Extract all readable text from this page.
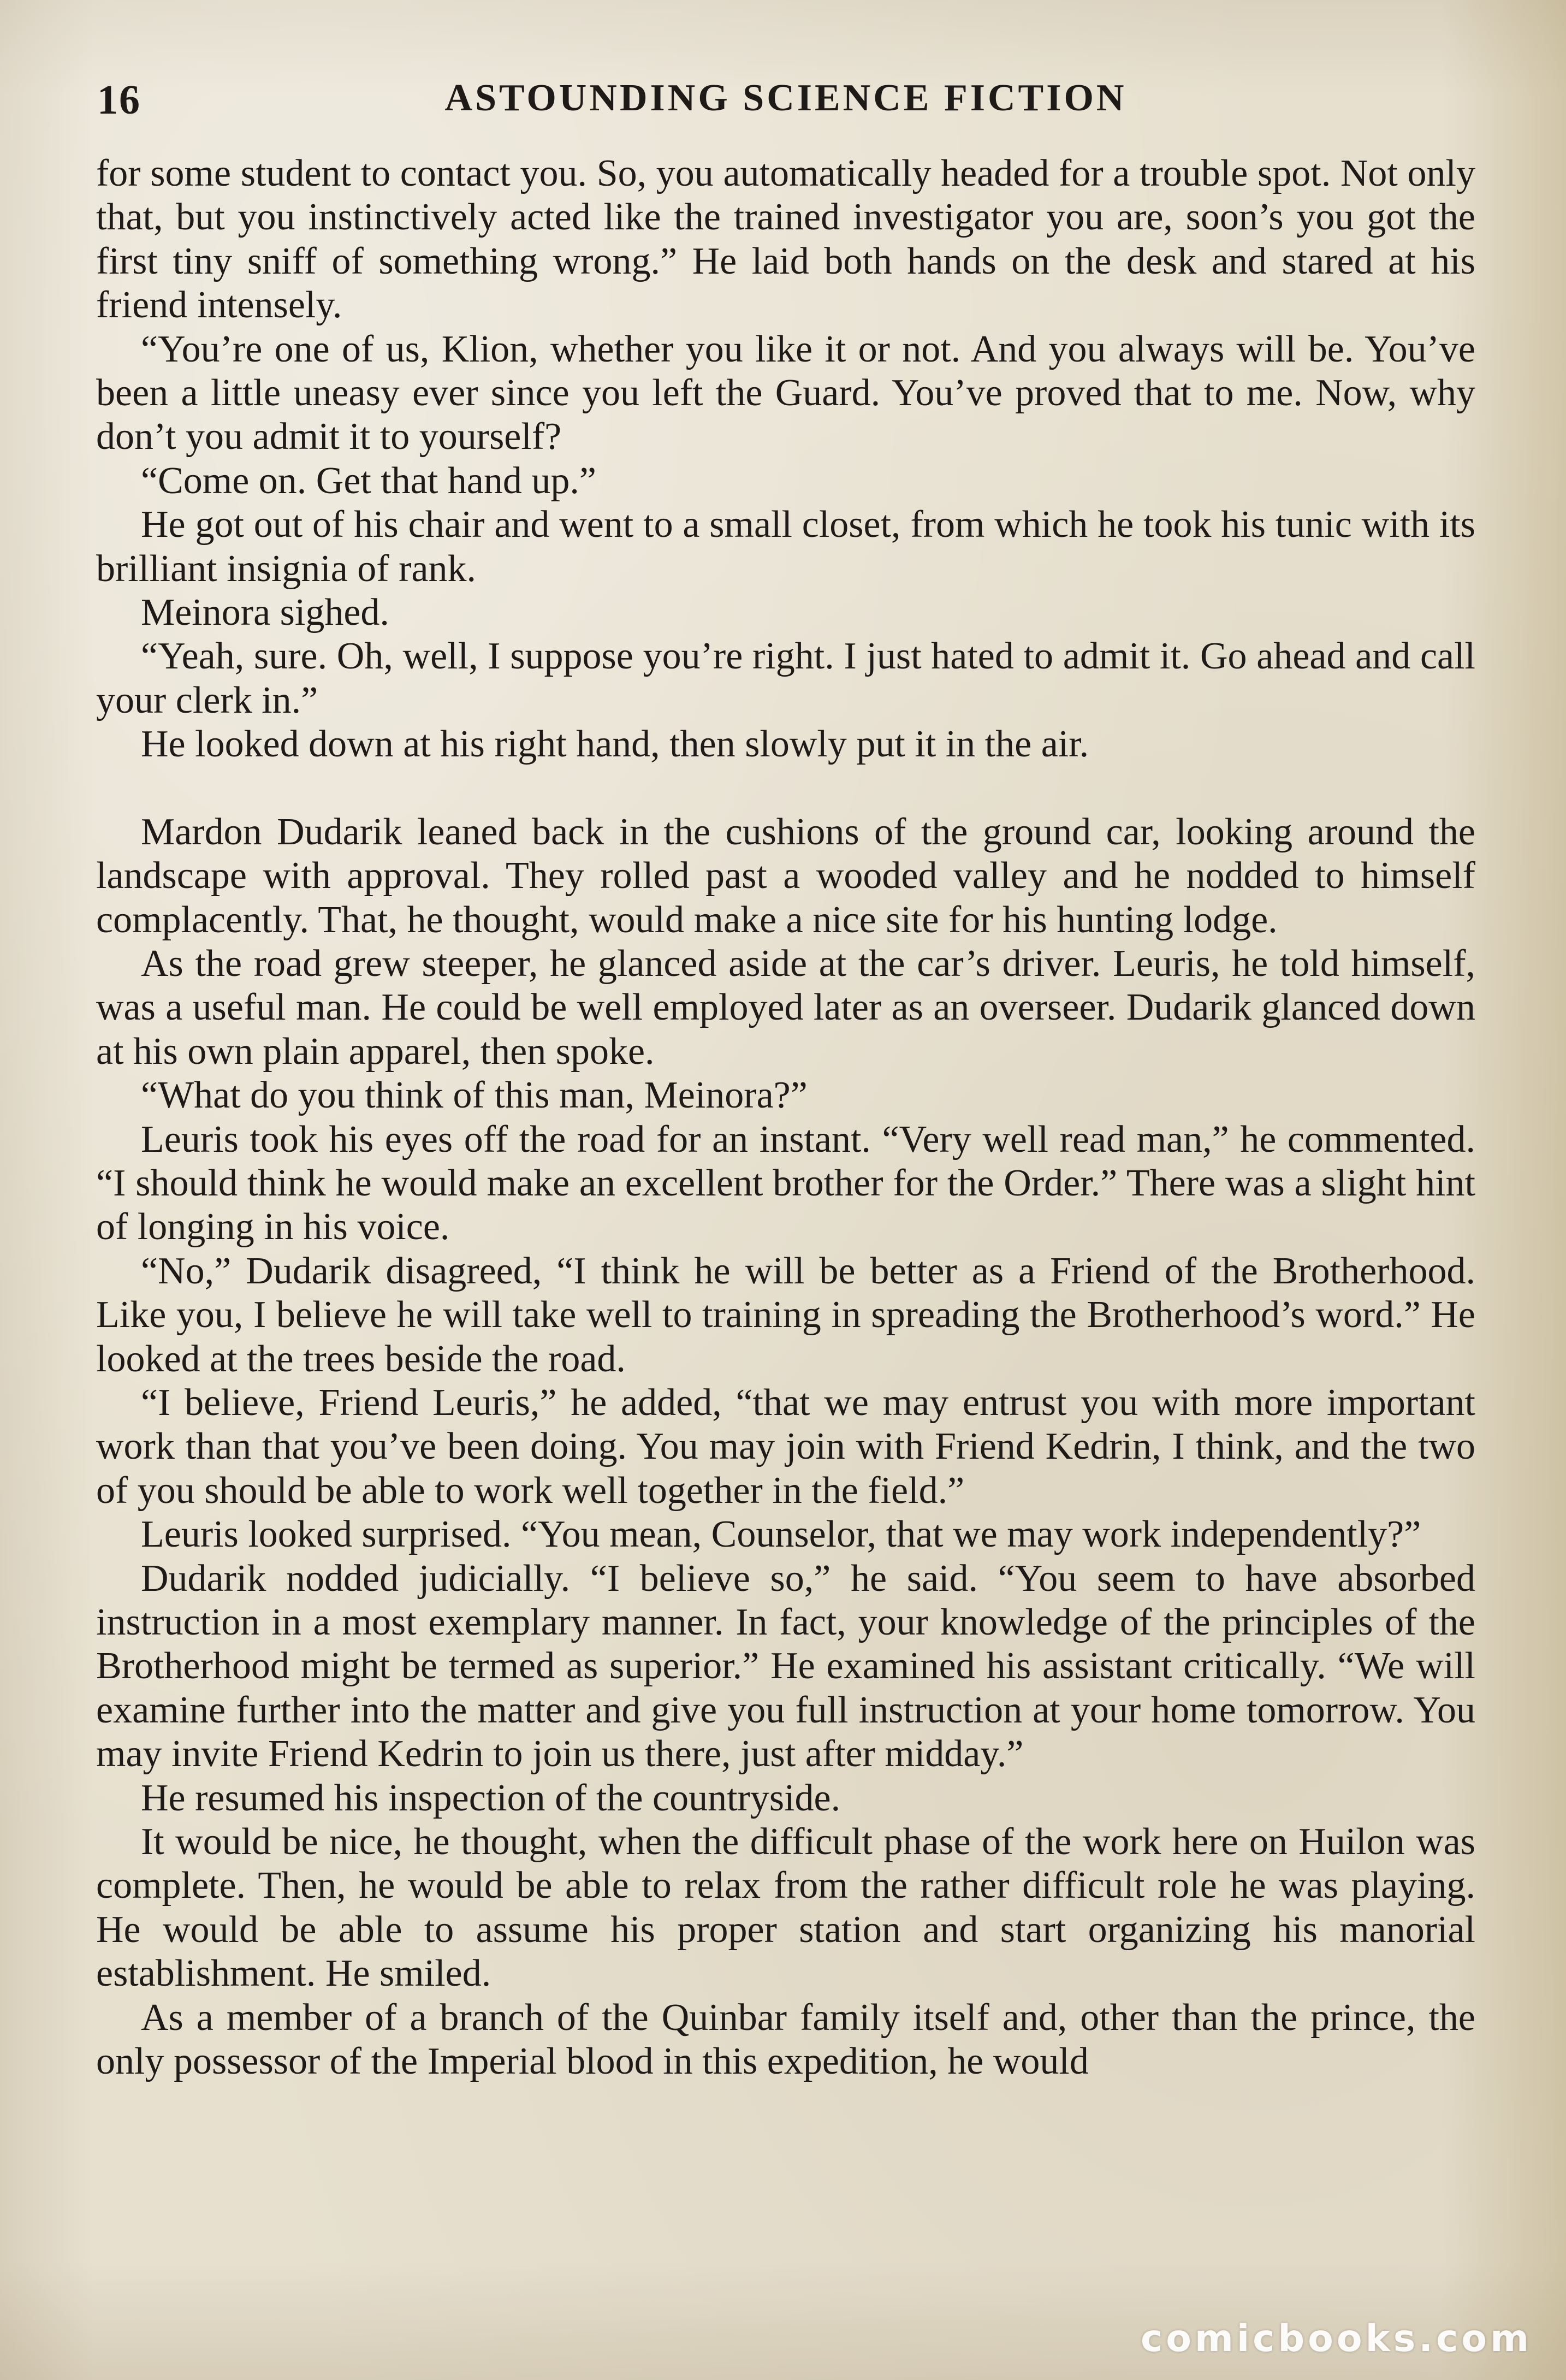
16	ASTOUNDING SCIENCE FICTION

for some student to contact you. So, you automatically headed for a trouble spot. Not only that, but you instinctively acted like the trained investigator you are, soon’s you got the first tiny sniff of something wrong.” He laid both hands on the desk and stared at his friend intensely.

“You’re one of us, Klion, whether you like it or not. And you always will be. You’ve been a little uneasy ever since you left the Guard. You’ve proved that to me. Now, why don’t you admit it to yourself?

“Come on. Get that hand up.”

He got out of his chair and went to a small closet, from which he took his tunic with its brilliant insignia of rank.

Meinora sighed.

“Yeah, sure. Oh, well, I suppose you’re right. I just hated to admit it. Go ahead and call your clerk in.”

He looked down at his right hand, then slowly put it in the air.

Mardon Dudarik leaned back in the cushions of the ground car, looking around the landscape with approval. They rolled past a wooded valley and he nodded to himself complacently. That, he thought, would make a nice site for his hunting lodge.

As the road grew steeper, he glanced aside at the car’s driver. Leuris, he told himself, was a useful man. He could be well employed later as an overseer. Dudarik glanced down at his own plain apparel, then spoke.

“What do you think of this man, Meinora?”

Leuris took his eyes off the road for an instant. “Very well read man,” he commented. “I should think he would make an excellent brother for the Order.” There was a slight hint of longing in his voice.

“No,” Dudarik disagreed, “I think he will be better as a Friend of the Brotherhood. Like you, I believe he will take well to training in spreading the Brotherhood’s word.” He looked at the trees beside the road.

“I believe, Friend Leuris,” he added, “that we may entrust you with more important work than that you’ve been doing. You may join with Friend Kedrin, I think, and the two of you should be able to work well together in the field.”

Leuris looked surprised. “You mean, Counselor, that we may work independently?”

Dudarik nodded judicially. “I believe so,” he said. “You seem to have absorbed instruction in a most exemplary manner. In fact, your knowledge of the principles of the Brotherhood might be termed as superior.” He examined his assistant critically. “We will examine further into the matter and give you full instruction at your home tomorrow. You may invite Friend Kedrin to join us there, just after midday.”

He resumed his inspection of the countryside.

It would be nice, he thought, when the difficult phase of the work here on Huilon was complete. Then, he would be able to relax from the rather difficult role he was playing. He would be able to assume his proper station and start organizing his manorial establishment. He smiled.

As a member of a branch of the Quinbar family itself and, other than the prince, the only possessor of the Imperial blood in this expedition, he would

comicbooks.com
